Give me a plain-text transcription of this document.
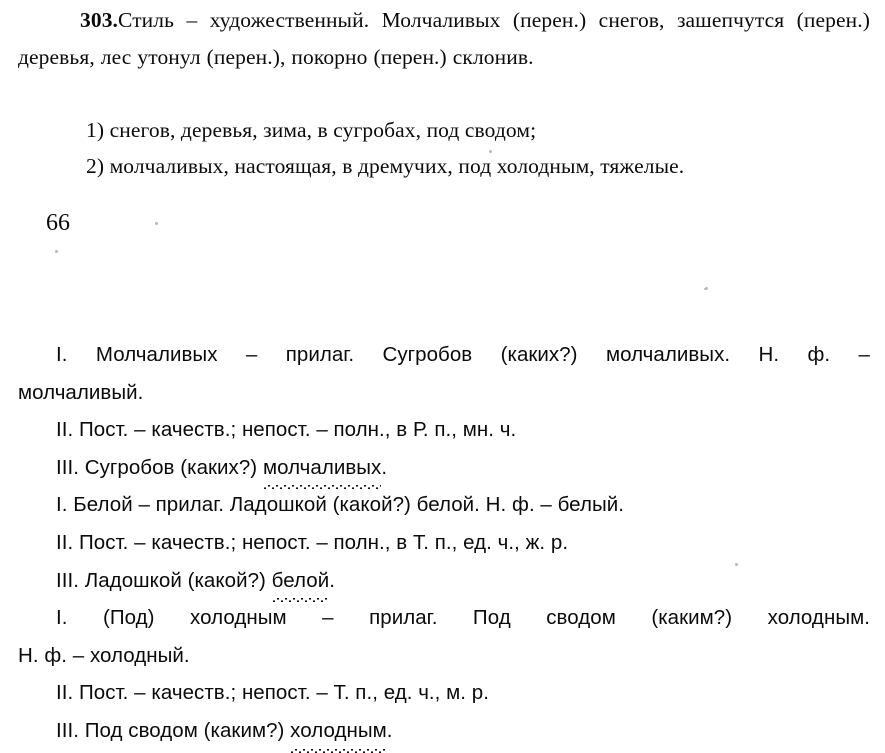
303.Стиль – художественный. Молчаливых (перен.) снегов, зашепчутся (перен.) деревья, лес утонул (перен.), покорно (перен.) склонив.

1) снегов, деревья, зима, в сугробах, под сводом;

2) молчаливых, настоящая, в дремучих, под холодным, тяжелые.

66

I. Молчаливых – прилаг. Сугробов (каких?) молчаливых. Н. ф. –

молчаливый.

II. Пост. – качеств.; непост. – полн., в Р. п., мн. ч.

III. Сугробов (каких?) молчаливых.

I. Белой – прилаг. Ладошкой (какой?) белой. Н. ф. – белый.

II. Пост. – качеств.; непост. – полн., в Т. п., ед. ч., ж. р.

III. Ладошкой (какой?) белой.

I. (Под) холодным – прилаг. Под сводом (каким?) холодным.

Н. ф. – холодный.

II. Пост. – качеств.; непост. – Т. п., ед. ч., м. р.

III. Под сводом (каким?) холодным.
